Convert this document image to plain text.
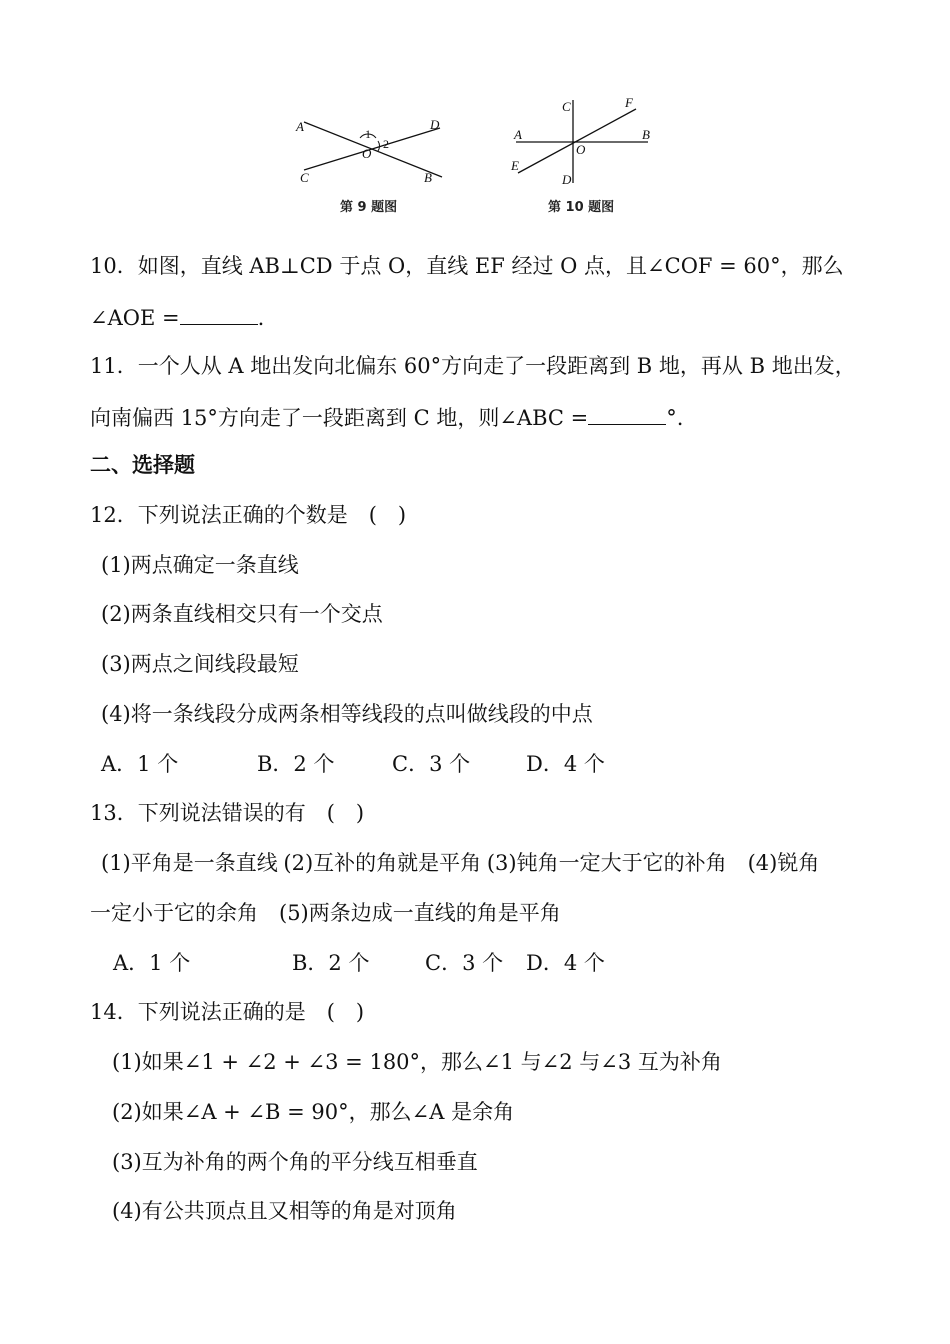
A	D
C	B
O
1
2
第 9 题图
A	B
C
D
E
F
O
第 10 题图
10．如图，直线 AB⊥CD 于点 O，直线 EF 经过 O 点，且∠COF = 60°，那么
∠AOE =	.
11．一个人从 A 地出发向北偏东 60°方向走了一段距离到 B 地，再从 B 地出发，
向南偏西 15°方向走了一段距离到 C 地，则∠ABC =	°.
二、选择题
12．下列说法正确的个数是　(　)
(1)两点确定一条直线
(2)两条直线相交只有一个交点
(3)两点之间线段最短
(4)将一条线段分成两条相等线段的点叫做线段的中点
A．1 个	B．2 个	C．3 个	D．4 个
13．下列说法错误的有　(　)
(1)平角是一条直线 (2)互补的角就是平角 (3)钝角一定大于它的补角　(4)锐角
一定小于它的余角　(5)两条边成一直线的角是平角
A．1 个	B．2 个	C．3 个 D．4 个
14．下列说法正确的是　(　)
(1)如果∠1 + ∠2 + ∠3 = 180°，那么∠1 与∠2 与∠3 互为补角
(2)如果∠A + ∠B = 90°，那么∠A 是余角
(3)互为补角的两个角的平分线互相垂直
(4)有公共顶点且又相等的角是对顶角
